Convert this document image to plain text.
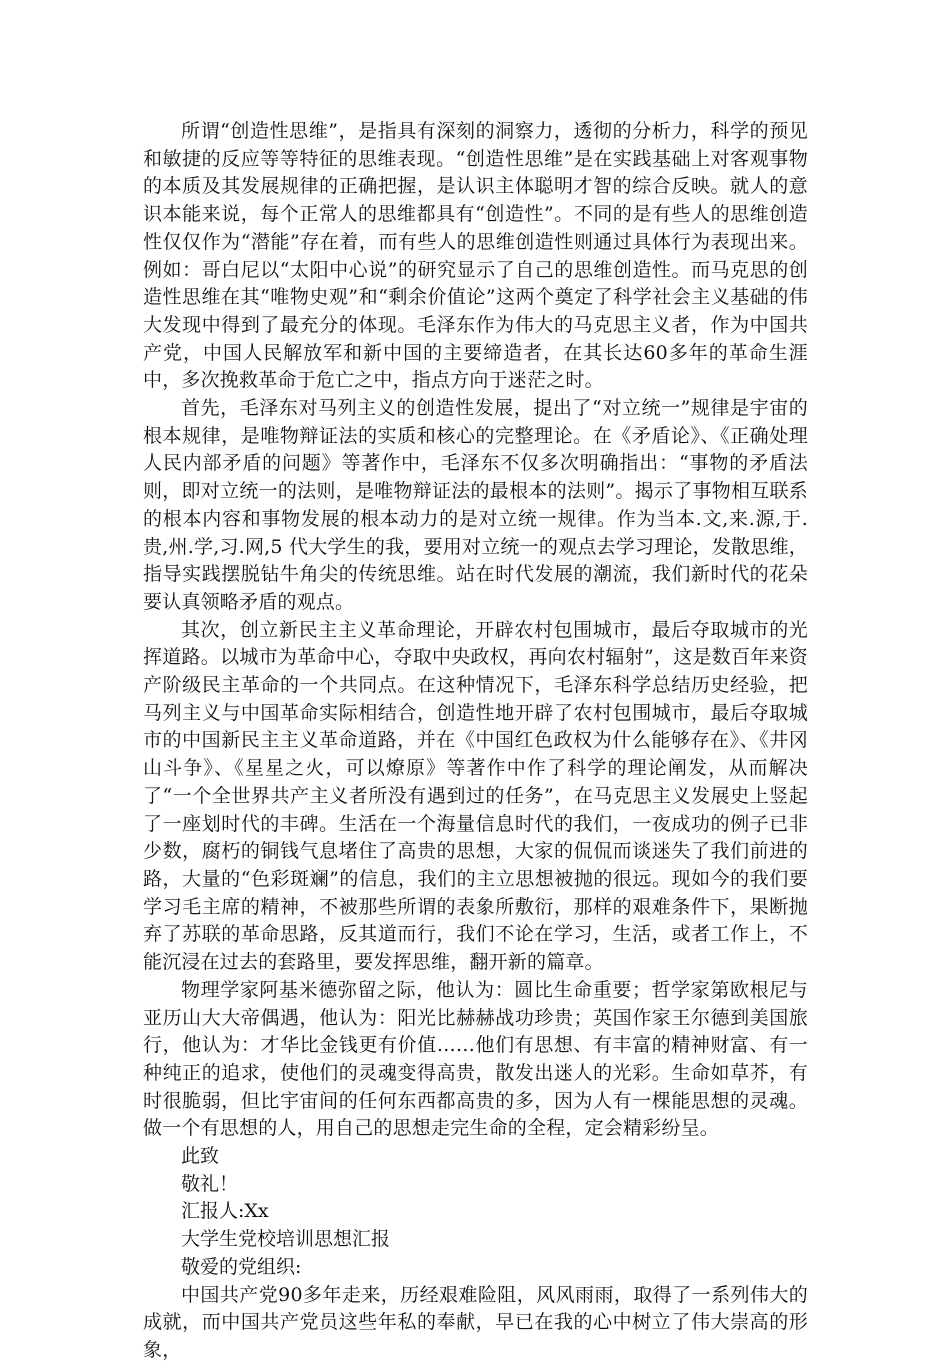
所谓“创造性思维”，是指具有深刻的洞察力，透彻的分析力，科学的预见和敏捷的反应等等特征的思维表现。“创造性思维”是在实践基础上对客观事物的本质及其发展规律的正确把握，是认识主体聪明才智的综合反映。就人的意识本能来说，每个正常人的思维都具有“创造性”。不同的是有些人的思维创造性仅仅作为“潜能”存在着，而有些人的思维创造性则通过具体行为表现出来。例如：哥白尼以“太阳中心说”的研究显示了自己的思维创造性。而马克思的创造性思维在其“唯物史观”和“剩余价值论”这两个奠定了科学社会主义基础的伟大发现中得到了最充分的体现。毛泽东作为伟大的马克思主义者，作为中国共产党，中国人民解放军和新中国的主要缔造者，在其长达60多年的革命生涯中，多次挽救革命于危亡之中，指点方向于迷茫之时。

首先，毛泽东对马列主义的创造性发展，提出了“对立统一”规律是宇宙的根本规律，是唯物辩证法的实质和核心的完整理论。在《矛盾论》、《正确处理人民内部矛盾的问题》等著作中，毛泽东不仅多次明确指出：“事物的矛盾法则，即对立统一的法则，是唯物辩证法的最根本的法则”。揭示了事物相互联系的根本内容和事物发展的根本动力的是对立统一规律。作为当本.文,来.源,于.贵,州.学,习.网,5 代大学生的我，要用对立统一的观点去学习理论，发散思维，指导实践摆脱钻牛角尖的传统思维。站在时代发展的潮流，我们新时代的花朵要认真领略矛盾的观点。

其次，创立新民主主义革命理论，开辟农村包围城市，最后夺取城市的光挥道路。以城市为革命中心，夺取中央政权，再向农村辐射”，这是数百年来资产阶级民主革命的一个共同点。在这种情况下，毛泽东科学总结历史经验，把马列主义与中国革命实际相结合，创造性地开辟了农村包围城市，最后夺取城市的中国新民主主义革命道路，并在《中国红色政权为什么能够存在》、《井冈山斗争》、《星星之火，可以燎原》等著作中作了科学的理论阐发，从而解决了“一个全世界共产主义者所没有遇到过的任务”，在马克思主义发展史上竖起了一座划时代的丰碑。生活在一个海量信息时代的我们，一夜成功的例子已非少数，腐朽的铜钱气息堵住了高贵的思想，大家的侃侃而谈迷失了我们前进的路，大量的“色彩斑斓”的信息，我们的主立思想被抛的很远。现如今的我们要学习毛主席的精神，不被那些所谓的表象所敷衍，那样的艰难条件下，果断抛弃了苏联的革命思路，反其道而行，我们不论在学习，生活，或者工作上，不能沉浸在过去的套路里，要发挥思维，翻开新的篇章。

物理学家阿基米德弥留之际，他认为：圆比生命重要；哲学家第欧根尼与亚历山大大帝偶遇，他认为：阳光比赫赫战功珍贵；英国作家王尔德到美国旅行，他认为：才华比金钱更有价值……他们有思想、有丰富的精神财富、有一种纯正的追求，使他们的灵魂变得高贵，散发出迷人的光彩。生命如草芥，有时很脆弱，但比宇宙间的任何东西都高贵的多，因为人有一棵能思想的灵魂。做一个有思想的人，用自己的思想走完生命的全程，定会精彩纷呈。

此致

敬礼！

汇报人:Xx

大学生党校培训思想汇报

敬爱的党组织:

中国共产党90多年走来，历经艰难险阻，风风雨雨，取得了一系列伟大的成就，而中国共产党员这些年私的奉献，早已在我的心中树立了伟大崇高的形象，
